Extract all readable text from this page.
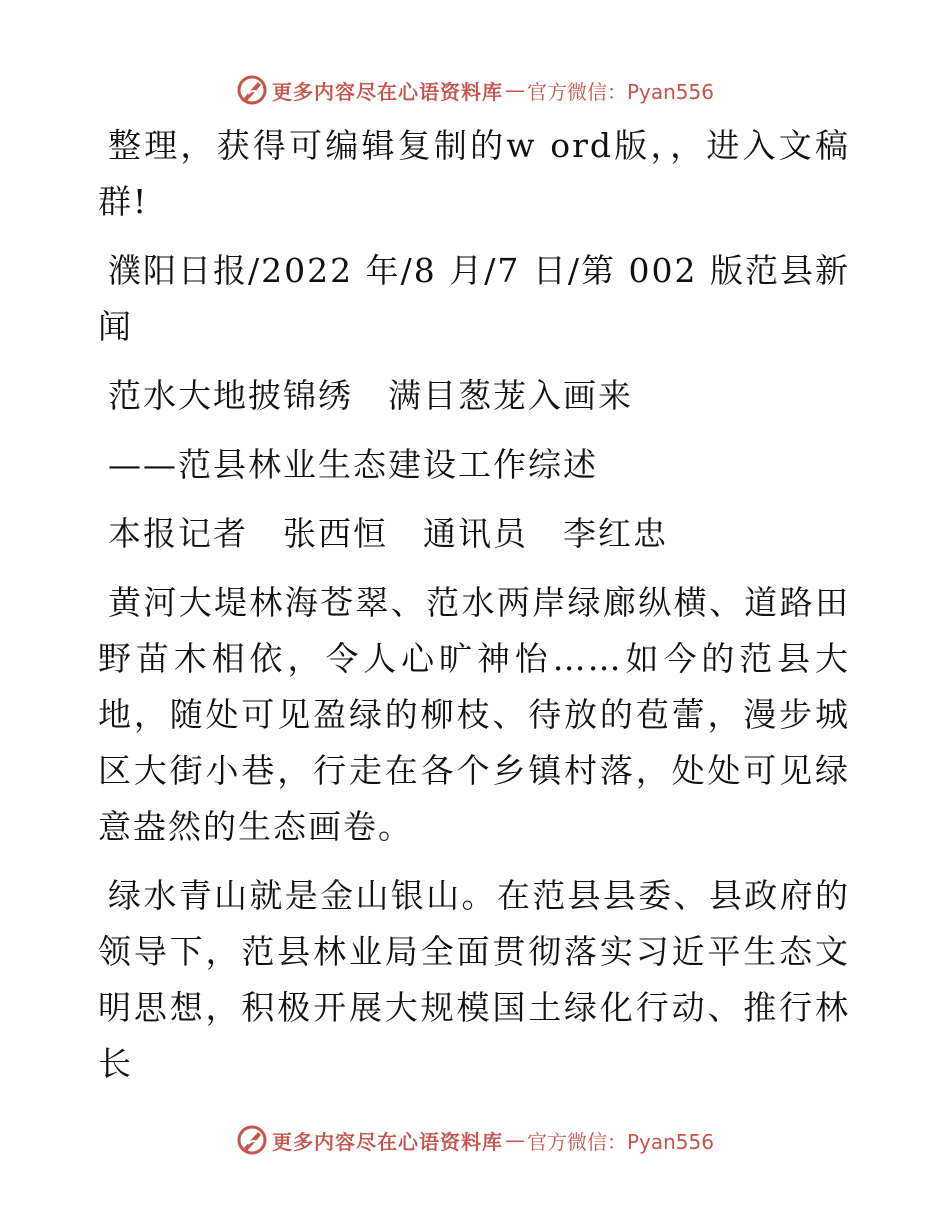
更多内容尽在心语资料库 — 官方微信：Pyan556

整理，获得可编辑复制的w ord版，，进入文稿群!

濮阳日报/2022 年/8 月/7 日/第 002 版范县新闻

范水大地披锦绣　满目葱茏入画来

——范县林业生态建设工作综述

本报记者　张西恒　通讯员　李红忠

黄河大堤林海苍翠、范水两岸绿廊纵横、道路田野苗木相依，令人心旷神怡……如今的范县大地，随处可见盈绿的柳枝、待放的苞蕾，漫步城区大街小巷，行走在各个乡镇村落，处处可见绿意盎然的生态画卷。

绿水青山就是金山银山。在范县县委、县政府的领导下，范县林业局全面贯彻落实习近平生态文明思想，积极开展大规模国土绿化行动、推行林长

更多内容尽在心语资料库 — 官方微信：Pyan556
